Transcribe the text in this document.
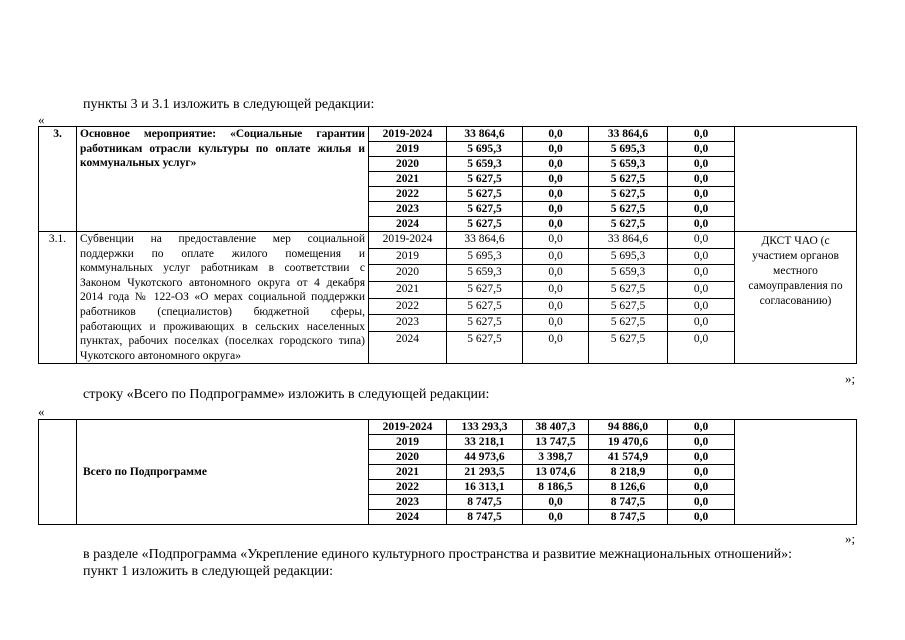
пункты 3 и 3.1 изложить в следующей редакции:
«
3.	Основное мероприятие: «Социальные гарантии работникам отрасли культуры по оплате жилья и коммунальных услуг»	2019-2024	33 864,6	0,0	33 864,6	0,0	
		2019	5 695,3	0,0	5 695,3	0,0	
		2020	5 659,3	0,0	5 659,3	0,0	
		2021	5 627,5	0,0	5 627,5	0,0	
		2022	5 627,5	0,0	5 627,5	0,0	
		2023	5 627,5	0,0	5 627,5	0,0	
		2024	5 627,5	0,0	5 627,5	0,0	
3.1.	Субвенции на предоставление мер социальной поддержки по оплате жилого помещения и коммунальных услуг работникам в соответствии с Законом Чукотского автономного округа от 4 декабря 2014 года № 122-ОЗ «О мерах социальной поддержки работников (специалистов) бюджетной сферы, работающих и проживающих в сельских населенных пунктах, рабочих поселках (поселках городского типа) Чукотского автономного округа»	2019-2024	33 864,6	0,0	33 864,6	0,0	ДКСТ ЧАО (с участием органов местного самоуправления по согласованию)
		2019	5 695,3	0,0	5 695,3	0,0	
		2020	5 659,3	0,0	5 659,3	0,0	
		2021	5 627,5	0,0	5 627,5	0,0	
		2022	5 627,5	0,0	5 627,5	0,0	
		2023	5 627,5	0,0	5 627,5	0,0	
		2024	5 627,5	0,0	5 627,5	0,0	
»;
строку «Всего по Подпрограмме» изложить в следующей редакции:
«
	Всего по Подпрограмме	2019-2024	133 293,3	38 407,3	94 886,0	0,0	
		2019	33 218,1	13 747,5	19 470,6	0,0	
		2020	44 973,6	3 398,7	41 574,9	0,0	
		2021	21 293,5	13 074,6	8 218,9	0,0	
		2022	16 313,1	8 186,5	8 126,6	0,0	
		2023	8 747,5	0,0	8 747,5	0,0	
		2024	8 747,5	0,0	8 747,5	0,0	
»;
в разделе «Подпрограмма «Укрепление единого культурного пространства и развитие межнациональных отношений»:
пункт 1 изложить в следующей редакции:
